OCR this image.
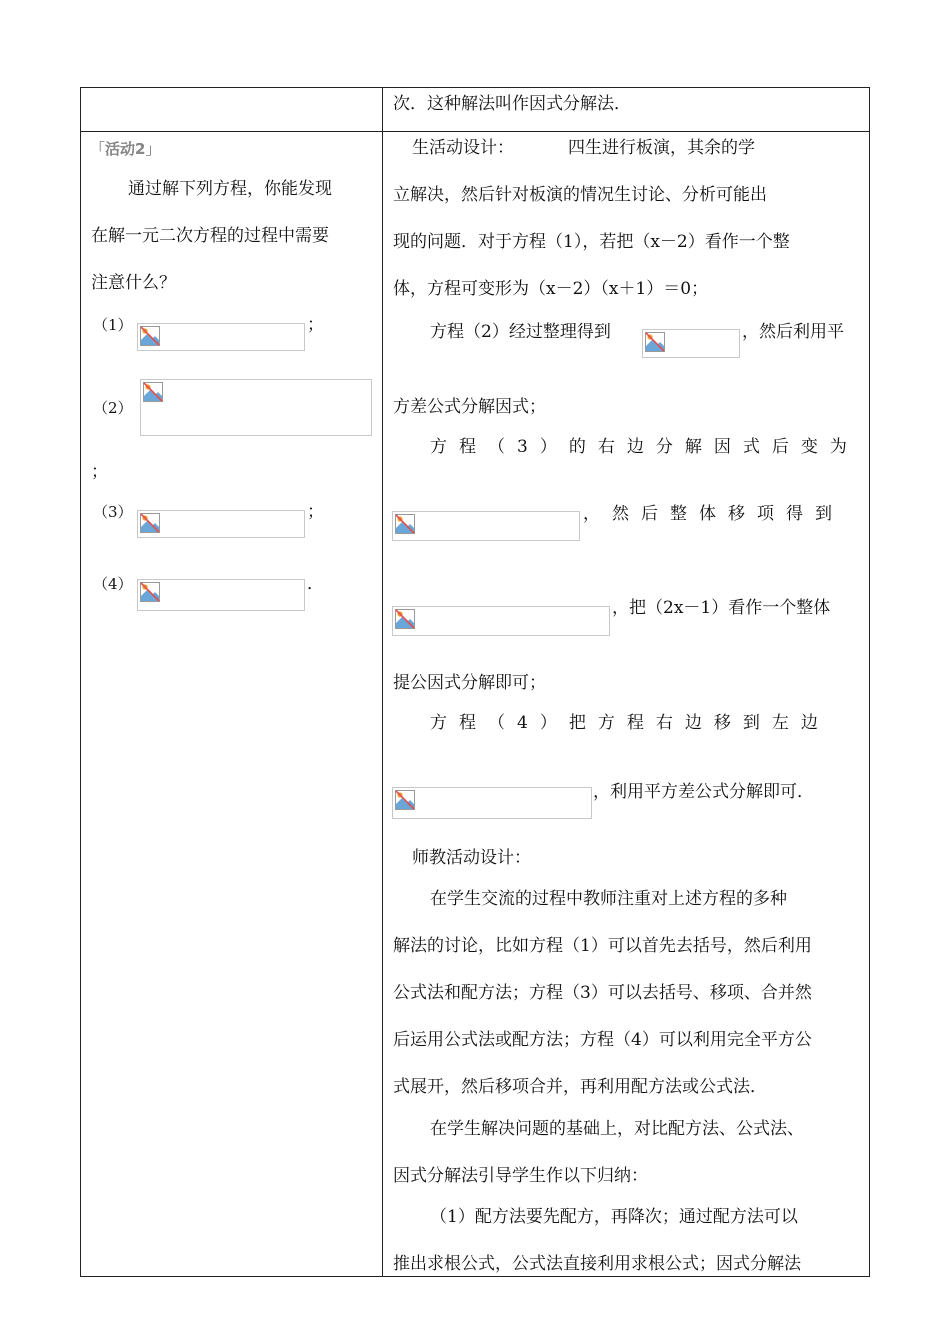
次．这种解法叫作因式分解法．
「活动2」
通过解下列方程，你能发现
在解一元二次方程的过程中需要
注意什么？
（1）	；
（2）
；
（3）	；
（4）	．
生活动设计：	四生进行板演，其余的学
立解决，然后针对板演的情况生讨论、分析可能出
现的问题．对于方程（1），若把（x－2）看作一个整
体，方程可变形为（x－2）（x＋1）＝0；
方程（2）经过整理得到	，然后利用平
方差公式分解因式；
方程（3）的右边分解因式后变为
，然后整体移项得到
，把（2x－1）看作一个整体
提公因式分解即可；
方程（4）把方程右边移到左边
，利用平方差公式分解即可．
师教活动设计：
在学生交流的过程中教师注重对上述方程的多种
解法的讨论，比如方程（1）可以首先去括号，然后利用
公式法和配方法；方程（3）可以去括号、移项、合并然
后运用公式法或配方法；方程（4）可以利用完全平方公
式展开，然后移项合并，再利用配方法或公式法．
在学生解决问题的基础上，对比配方法、公式法、
因式分解法引导学生作以下归纳：
（1）配方法要先配方，再降次；通过配方法可以
推出求根公式，公式法直接利用求根公式；因式分解法
